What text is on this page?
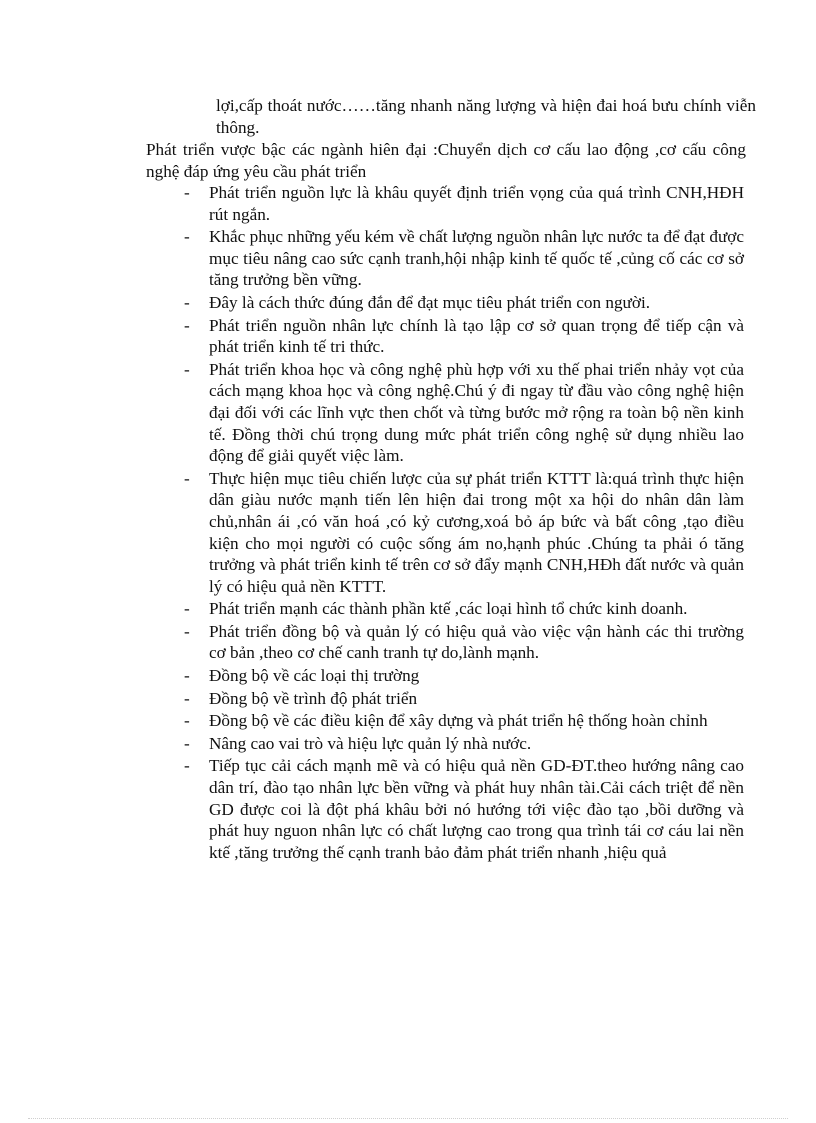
lợi,cấp thoát nước……tăng nhanh năng lượng và hiện đai hoá bưu chính viễn thông.
Phát triển vược bậc các ngành hiên đại :Chuyển dịch cơ cấu lao động ,cơ cấu công nghệ đáp ứng yêu cầu phát triển
- Phát triển nguồn lực là khâu quyết định triển vọng của quá trình CNH,HĐH rút ngắn.
- Khắc phục những yếu kém về chất lượng nguồn nhân lực nước ta để đạt được mục tiêu nâng cao sức cạnh tranh,hội nhập kinh tế quốc tế ,củng cố các cơ sở tăng trưởng bền vững.
- Đây là cách thức đúng đắn để đạt mục tiêu phát triển con người.
- Phát triển nguồn nhân lực chính là tạo lập cơ sở quan trọng để tiếp cận và phát triển kinh tế tri thức.
- Phát triển khoa học và công nghệ phù hợp với xu thế phai triển nhảy vọt của cách mạng khoa học và công nghệ.Chú ý đi ngay từ đầu vào công nghệ hiện đại đối với các lĩnh vực then chốt và từng bước mở rộng ra toàn bộ nền kinh tế. Đồng thời chú trọng dung mức phát triển công nghệ sử dụng nhiều lao động để giải quyết việc làm.
- Thực hiện mục tiêu chiến lược của sự phát triển KTTT là:quá trình thực hiện dân giàu nước mạnh tiến lên hiện đai trong một xa hội do nhân dân làm chủ,nhân ái ,có văn hoá ,có kỷ cương,xoá bỏ áp bức và bất công ,tạo điều kiện cho mọi người có cuộc sống ám no,hạnh phúc .Chúng ta phải ó tăng trưởng và phát triển kinh tế trên cơ sở đẩy mạnh CNH,HĐh đất nước và quản lý có hiệu quả nền KTTT.
- Phát triển mạnh các thành phần ktế ,các loại hình tổ chức kinh doanh.
- Phát triển đồng bộ và quản lý có hiệu quả vào việc vận hành các thi trường cơ bản ,theo cơ chế canh tranh tự do,lành mạnh.
- Đồng bộ về các loại thị trường
- Đồng bộ về trình độ phát triển
- Đồng bộ về các điều kiện để xây dựng và phát triển hệ thống hoàn chỉnh
- Nâng cao vai trò và hiệu lực quản lý nhà nước.
- Tiếp tục cải cách mạnh mẽ và có hiệu quả nền GD-ĐT.theo hướng nâng cao dân trí, đào tạo nhân lực bền vững và phát huy nhân tài.Cải cách triệt để nền GD được coi là đột phá khâu bởi nó hướng tới việc đào tạo ,bồi dưỡng và phát huy nguon nhân lực có chất lượng cao trong qua trình tái cơ cáu lai nền ktế ,tăng trưởng thế cạnh tranh bảo đảm phát triển nhanh ,hiệu quả
